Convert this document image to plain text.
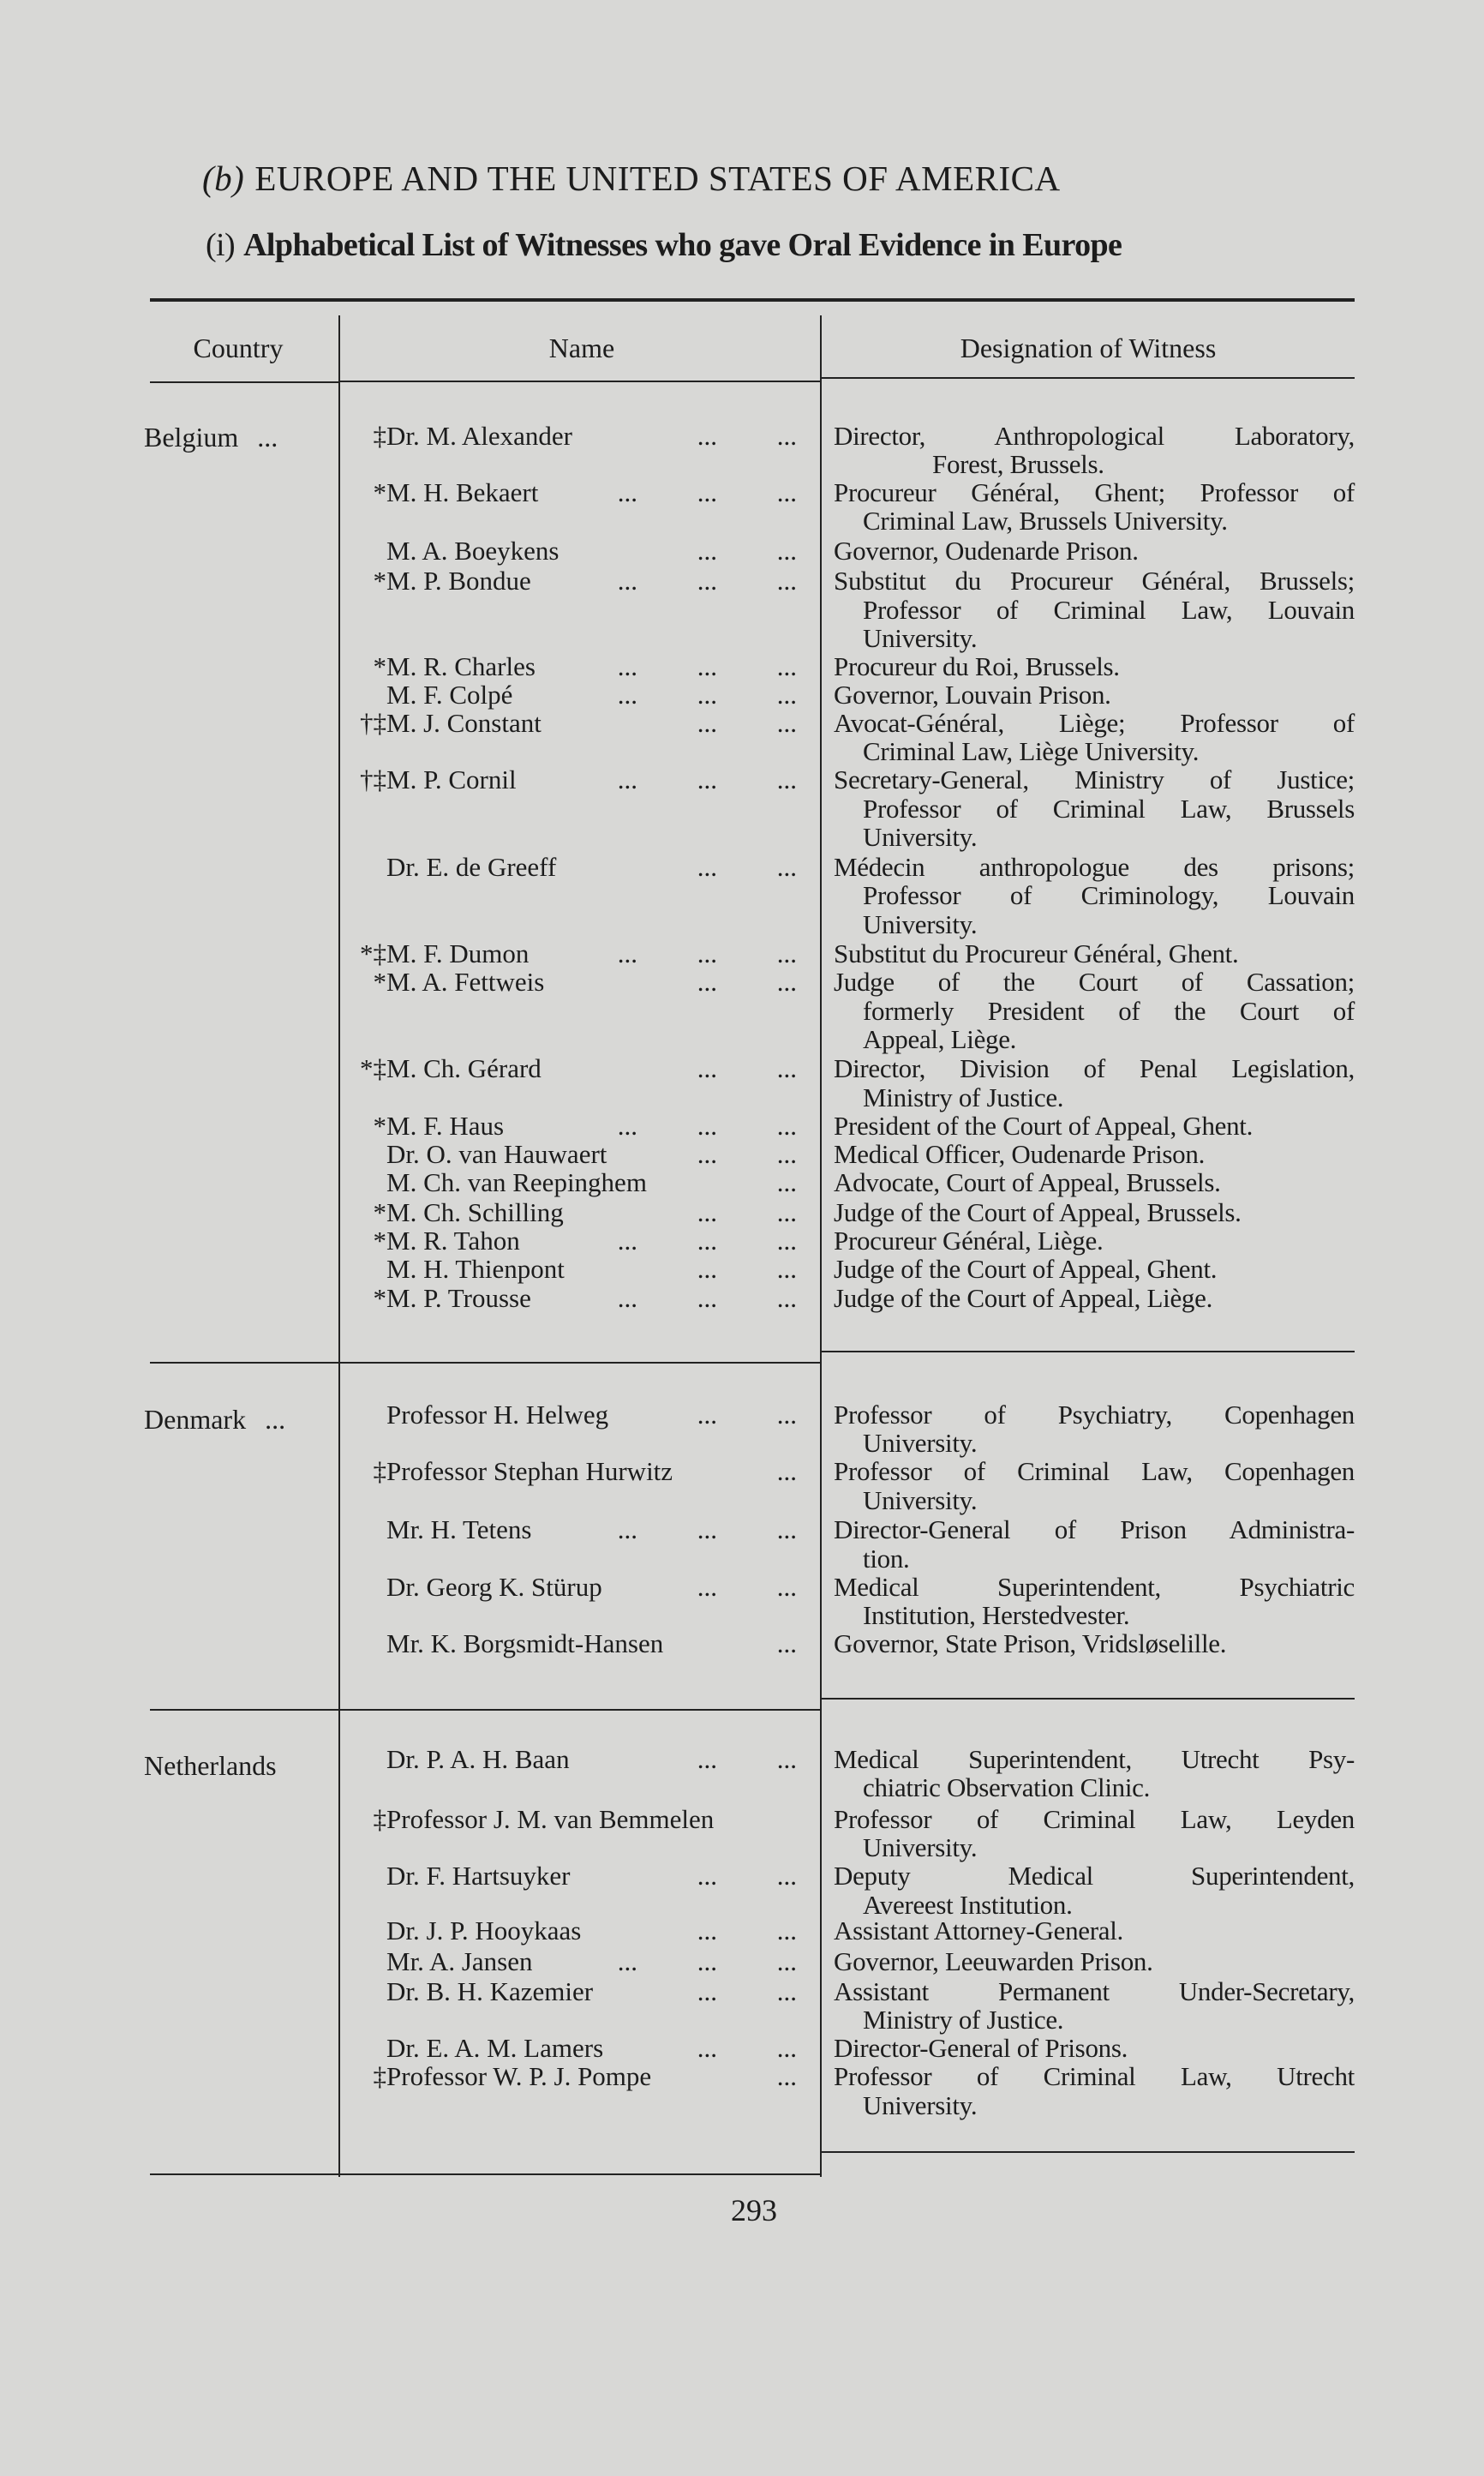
(b) EUROPE AND THE UNITED STATES OF AMERICA
(i) Alphabetical List of Witnesses who gave Oral Evidence in Europe
Country	Name	Designation of Witness
Belgium ...	‡ Dr. M. Alexander	... ... Director, Anthropological Laboratory,
Forest, Brussels.
* M. H. Bekaert	... ... ... Procureur Général, Ghent; Professor of
Criminal Law, Brussels University.
M. A. Boeykens	... ... Governor, Oudenarde Prison.
* M. P. Bondue	... ... ... Substitut du Procureur Général, Brussels;
Professor of Criminal Law, Louvain
University.
* M. R. Charles	... ... ... Procureur du Roi, Brussels.
M. F. Colpé	... ... ... Governor, Louvain Prison.
†‡ M. J. Constant	... ... Avocat-Général, Liège; Professor of
Criminal Law, Liège University.
†‡ M. P. Cornil	... ... ... Secretary-General, Ministry of Justice;
Professor of Criminal Law, Brussels
University.
Dr. E. de Greeff	... ... Médecin anthropologue des prisons;
Professor of Criminology, Louvain
University.
*‡ M. F. Dumon	... ... ... Substitut du Procureur Général, Ghent.
* M. A. Fettweis	... ... Judge of the Court of Cassation;
formerly President of the Court of
Appeal, Liège.
*‡ M. Ch. Gérard	... ... Director, Division of Penal Legislation,
Ministry of Justice.
* M. F. Haus	... ... ... President of the Court of Appeal, Ghent.
Dr. O. van Hauwaert	... ... Medical Officer, Oudenarde Prison.
M. Ch. van Reepinghem	... Advocate, Court of Appeal, Brussels.
* M. Ch. Schilling	... ... Judge of the Court of Appeal, Brussels.
* M. R. Tahon	... ... ... Procureur Général, Liège.
M. H. Thienpont	... ... Judge of the Court of Appeal, Ghent.
* M. P. Trousse	... ... ... Judge of the Court of Appeal, Liège.
Denmark ...	Professor H. Helweg	... ... Professor of Psychiatry, Copenhagen
University.
‡ Professor Stephan Hurwitz	... Professor of Criminal Law, Copenhagen
University.
Mr. H. Tetens	... ... ... Director-General of Prison Administra-
tion.
Dr. Georg K. Stürup	... ... Medical Superintendent, Psychiatric
Institution, Herstedvester.
Mr. K. Borgsmidt-Hansen	... Governor, State Prison, Vridsløselille.
Netherlands	Dr. P. A. H. Baan	... ... Medical Superintendent, Utrecht Psy-
chiatric Observation Clinic.
‡ Professor J. M. van Bemmelen	Professor of Criminal Law, Leyden
University.
Dr. F. Hartsuyker	... ... Deputy Medical Superintendent,
Avereest Institution.
Dr. J. P. Hooykaas	... ... Assistant Attorney-General.
Mr. A. Jansen	... ... ... Governor, Leeuwarden Prison.
Dr. B. H. Kazemier	... ... Assistant Permanent Under-Secretary,
Ministry of Justice.
Dr. E. A. M. Lamers	... ... Director-General of Prisons.
‡ Professor W. P. J. Pompe	... Professor of Criminal Law, Utrecht
University.
293
